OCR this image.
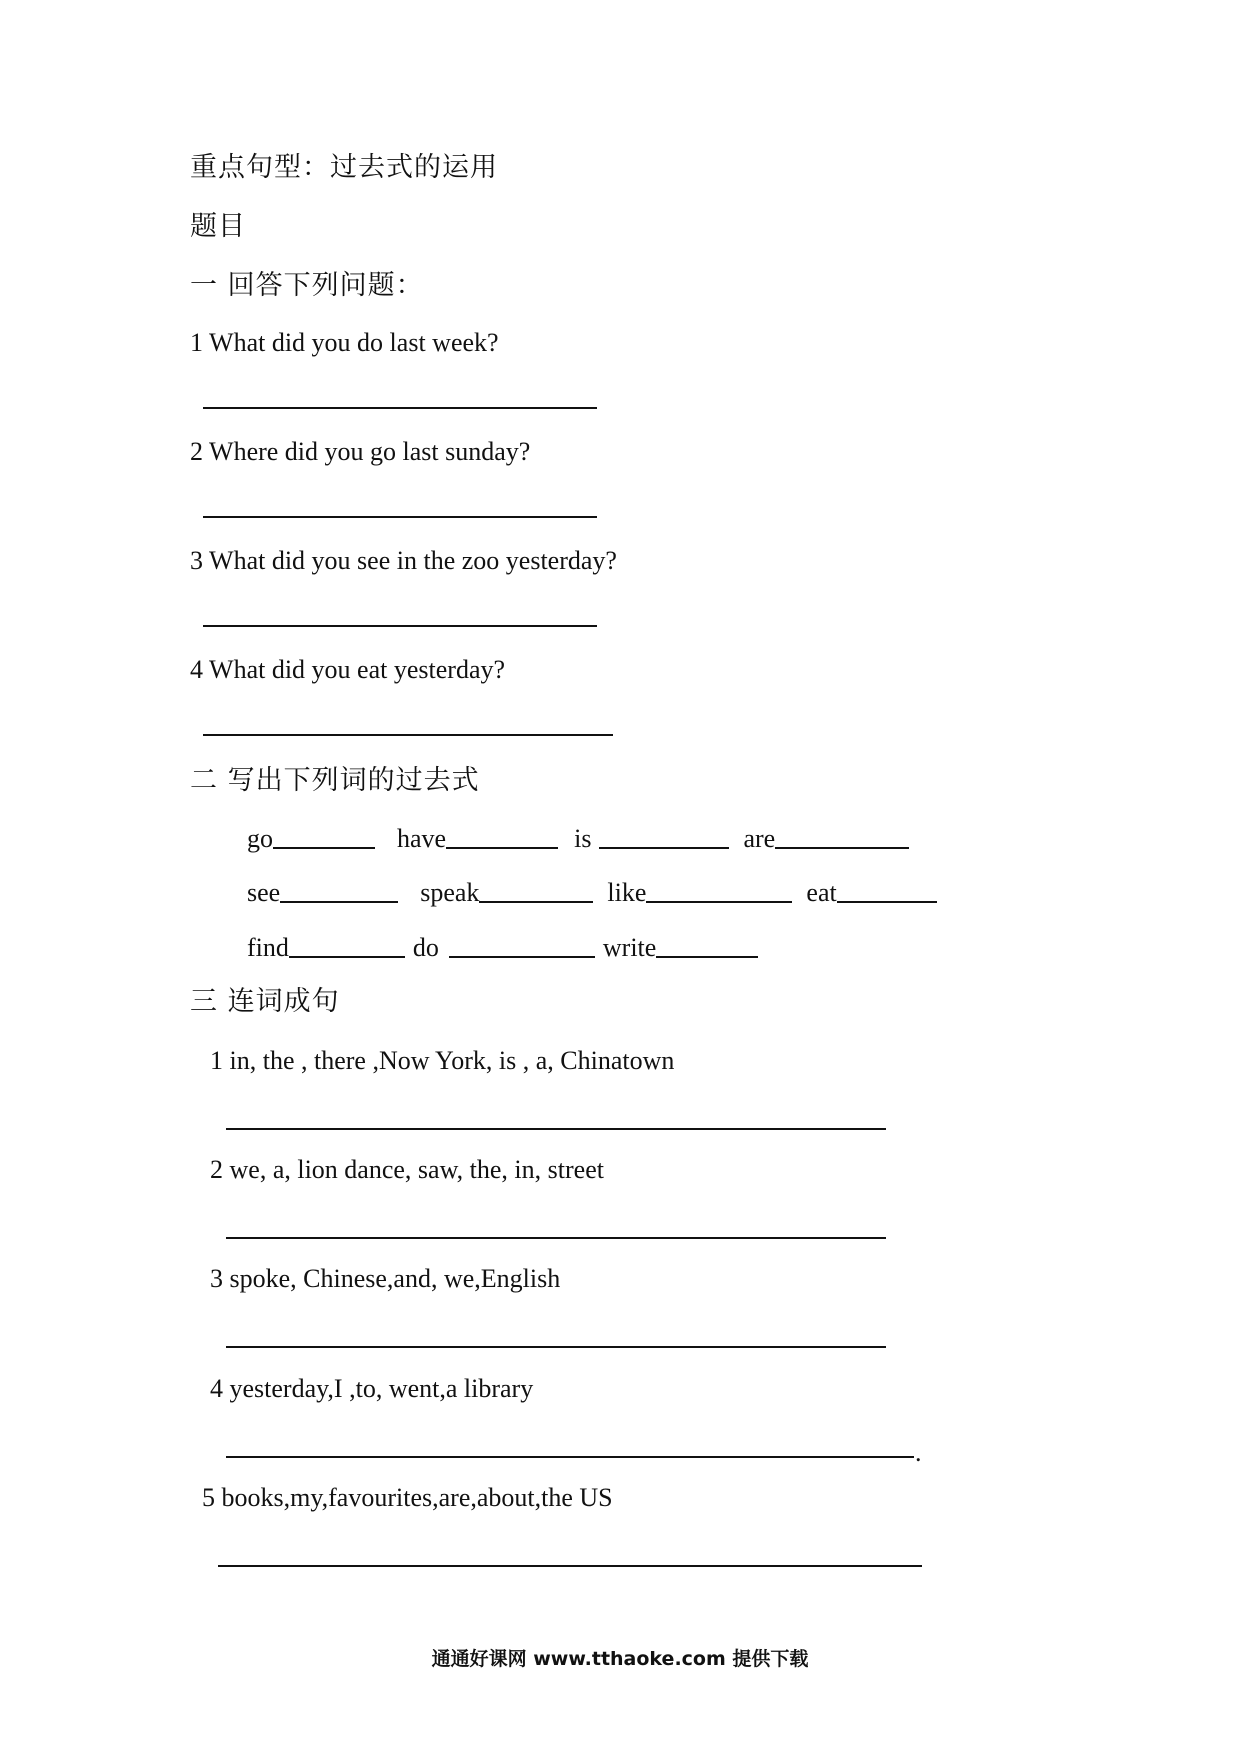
重点句型：过去式的运用
题目
一 回答下列问题：
1 What did you do last week?
2 Where did you go last sunday?
3 What did you see in the zoo yesterday?
4 What did you eat yesterday?
二 写出下列词的过去式
go	have	is	are
see	speak	like	eat
find	do	write
三 连词成句
1 in, the , there ,Now York, is , a, Chinatown
2 we, a, lion dance, saw, the, in, street
3 spoke, Chinese,and, we,English
4 yesterday,I ,to, went,a library
.
5 books,my,favourites,are,about,the US
通通好课网 www.tthaoke.com 提供下载
